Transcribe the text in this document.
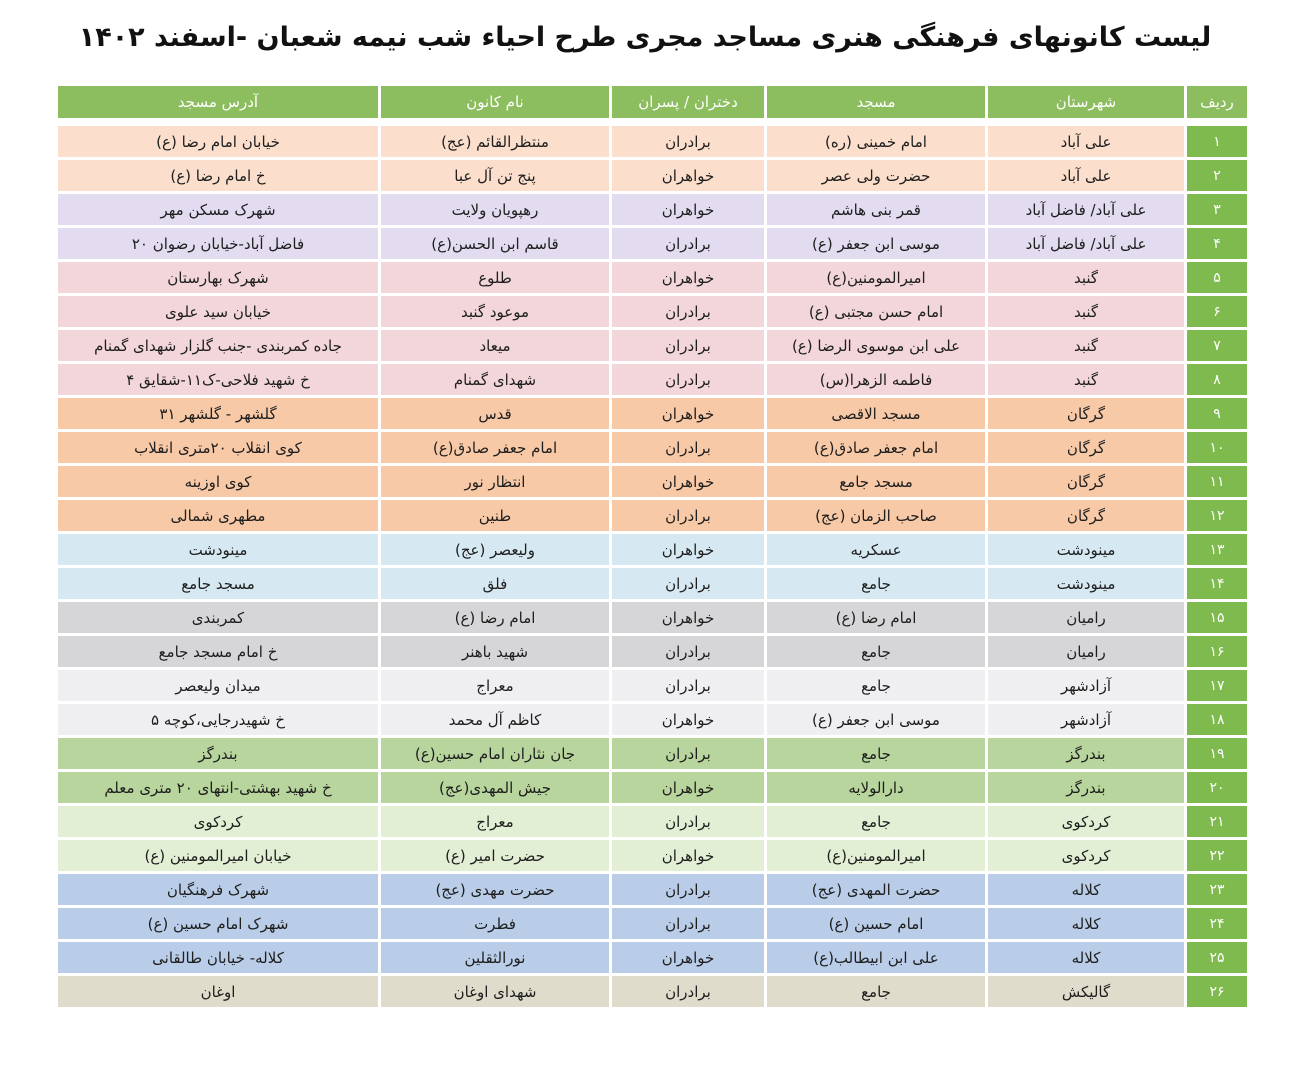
لیست کانونهای فرهنگی هنری مساجد مجری طرح احیاء شب نیمه شعبان -اسفند ۱۴۰۲
ردیف	شهرستان	مسجد	دختران / پسران	نام کانون	آدرس مسجد

۱	علی آباد	امام خمینی (ره)	برادران	منتظرالقائم (عج)	خیابان امام رضا (ع)
۲	علی آباد	حضرت ولی عصر	خواهران	پنج تن آل عبا	خ امام رضا (ع)
۳	علی آباد/ فاضل آباد	قمر بنی هاشم	خواهران	رهپویان ولایت	شهرک مسکن مهر
۴	علی آباد/ فاضل آباد	موسی ابن جعفر (ع)	برادران	قاسم ابن الحسن(ع)	فاضل آباد-خیابان رضوان ۲۰
۵	گنبد	امیرالمومنین(ع)	خواهران	طلوع	شهرک بهارستان
۶	گنبد	امام حسن مجتبی (ع)	برادران	موعود گنبد	خیابان سید علوی
۷	گنبد	علی ابن موسوی الرضا (ع)	برادران	میعاد	جاده کمربندی -جنب گلزار شهدای گمنام
۸	گنبد	فاطمه الزهرا(س)	برادران	شهدای گمنام	خ شهید فلاحی-ک۱۱-شقایق ۴
۹	گرگان	مسجد الاقصی	خواهران	قدس	گلشهر - گلشهر ۳۱
۱۰	گرگان	امام جعفر صادق(ع)	برادران	امام جعفر صادق(ع)	کوی انقلاب ۲۰متری انقلاب
۱۱	گرگان	مسجد جامع	خواهران	انتظار نور	کوی اوزینه
۱۲	گرگان	صاحب الزمان (عج)	برادران	طنین	مطهری شمالی
۱۳	مینودشت	عسکریه	خواهران	ولیعصر (عج)	مینودشت
۱۴	مینودشت	جامع	برادران	فلق	مسجد جامع
۱۵	رامیان	امام رضا (ع)	خواهران	امام رضا (ع)	کمربندی
۱۶	رامیان	جامع	برادران	شهید باهنر	خ امام مسجد جامع
۱۷	آزادشهر	جامع	برادران	معراج	میدان ولیعصر
۱۸	آزادشهر	موسی ابن جعفر (ع)	خواهران	کاظم آل محمد	خ شهیدرجایی،کوچه ۵
۱۹	بندرگز	جامع	برادران	جان نثاران امام حسین(ع)	بندرگز
۲۰	بندرگز	دارالولایه	خواهران	جیش المهدی(عج)	خ شهید بهشتی-انتهای ۲۰ متری معلم
۲۱	کردکوی	جامع	برادران	معراج	کردکوی
۲۲	کردکوی	امیرالمومنین(ع)	خواهران	حضرت امیر (ع)	خیابان امیرالمومنین (ع)
۲۳	کلاله	حضرت المهدی (عج)	برادران	حضرت مهدی (عج)	شهرک فرهنگیان
۲۴	کلاله	امام حسین (ع)	برادران	فطرت	شهرک امام حسین (ع)
۲۵	کلاله	علی ابن ابیطالب(ع)	خواهران	نورالثقلین	کلاله- خیابان طالقانی
۲۶	گالیکش	جامع	برادران	شهدای اوغان	اوغان
